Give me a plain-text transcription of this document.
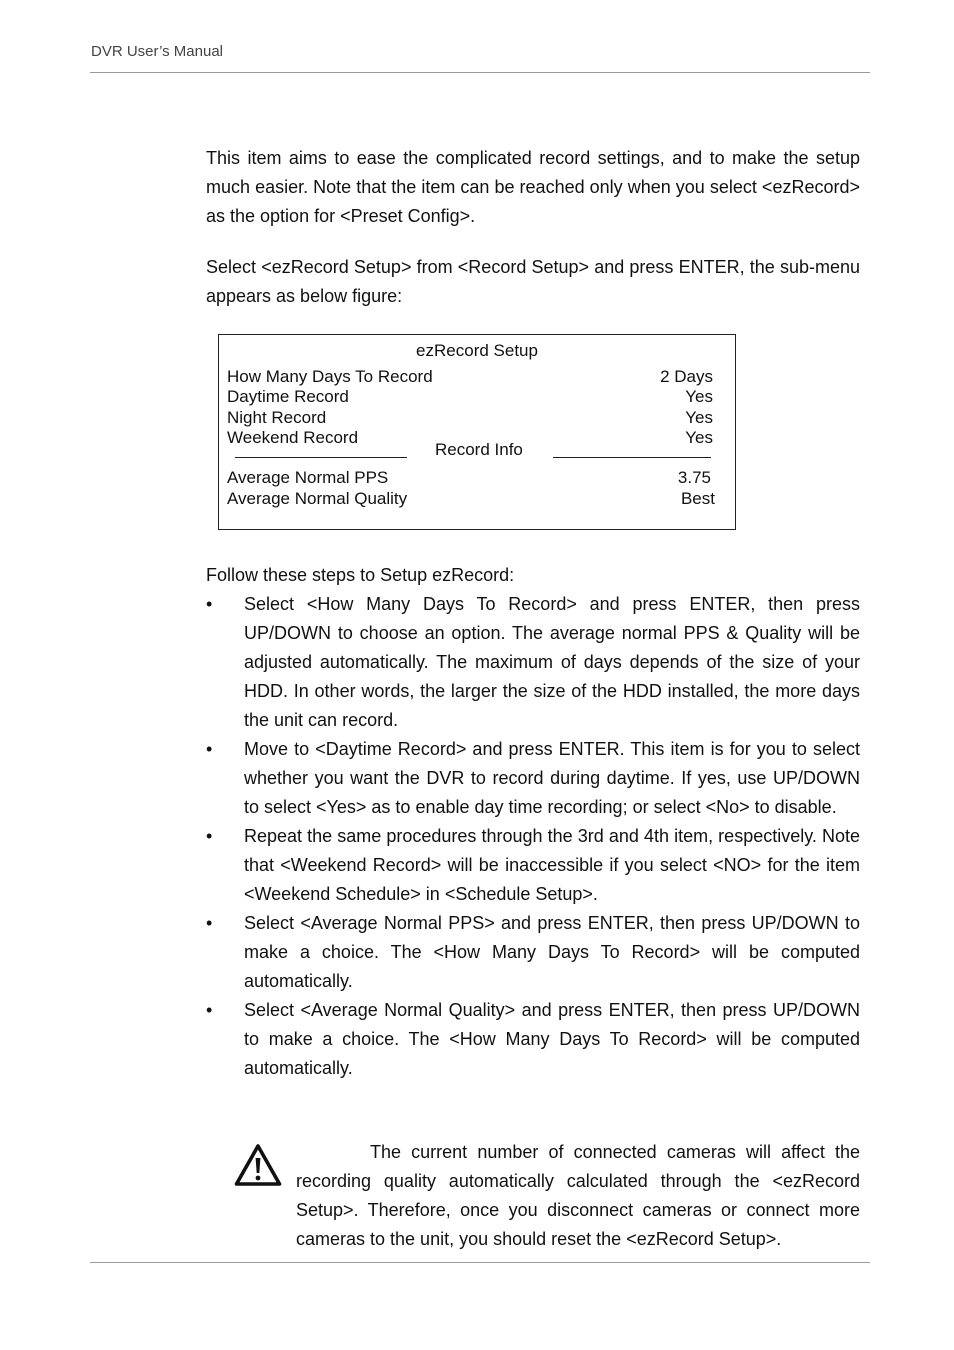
DVR User’s Manual

This item aims to ease the complicated record settings, and to make the setup much easier. Note that the item can be reached only when you select <ezRecord> as the option for <Preset Config>.

Select <ezRecord Setup> from <Record Setup> and press ENTER, the sub-menu appears as below figure:

ezRecord Setup
How Many Days To Record	2 Days
Daytime Record	Yes
Night Record	Yes
Weekend Record	Yes
Record Info
Average Normal PPS	3.75
Average Normal Quality	Best

Follow these steps to Setup ezRecord:

• Select <How Many Days To Record> and press ENTER, then press UP/DOWN to choose an option. The average normal PPS & Quality will be adjusted automatically. The maximum of days depends of the size of your HDD. In other words, the larger the size of the HDD installed, the more days the unit can record.
• Move to <Daytime Record> and press ENTER. This item is for you to select whether you want the DVR to record during daytime. If yes, use UP/DOWN to select <Yes> as to enable day time recording; or select <No> to disable.
• Repeat the same procedures through the 3rd and 4th item, respectively. Note that <Weekend Record> will be inaccessible if you select <NO> for the item <Weekend Schedule> in <Schedule Setup>.
• Select <Average Normal PPS> and press ENTER, then press UP/DOWN to make a choice. The <How Many Days To Record> will be computed automatically.
• Select <Average Normal Quality> and press ENTER, then press UP/DOWN to make a choice. The <How Many Days To Record> will be computed automatically.

The current number of connected cameras will affect the recording quality automatically calculated through the <ezRecord Setup>. Therefore, once you disconnect cameras or connect more cameras to the unit, you should reset the <ezRecord Setup>.
